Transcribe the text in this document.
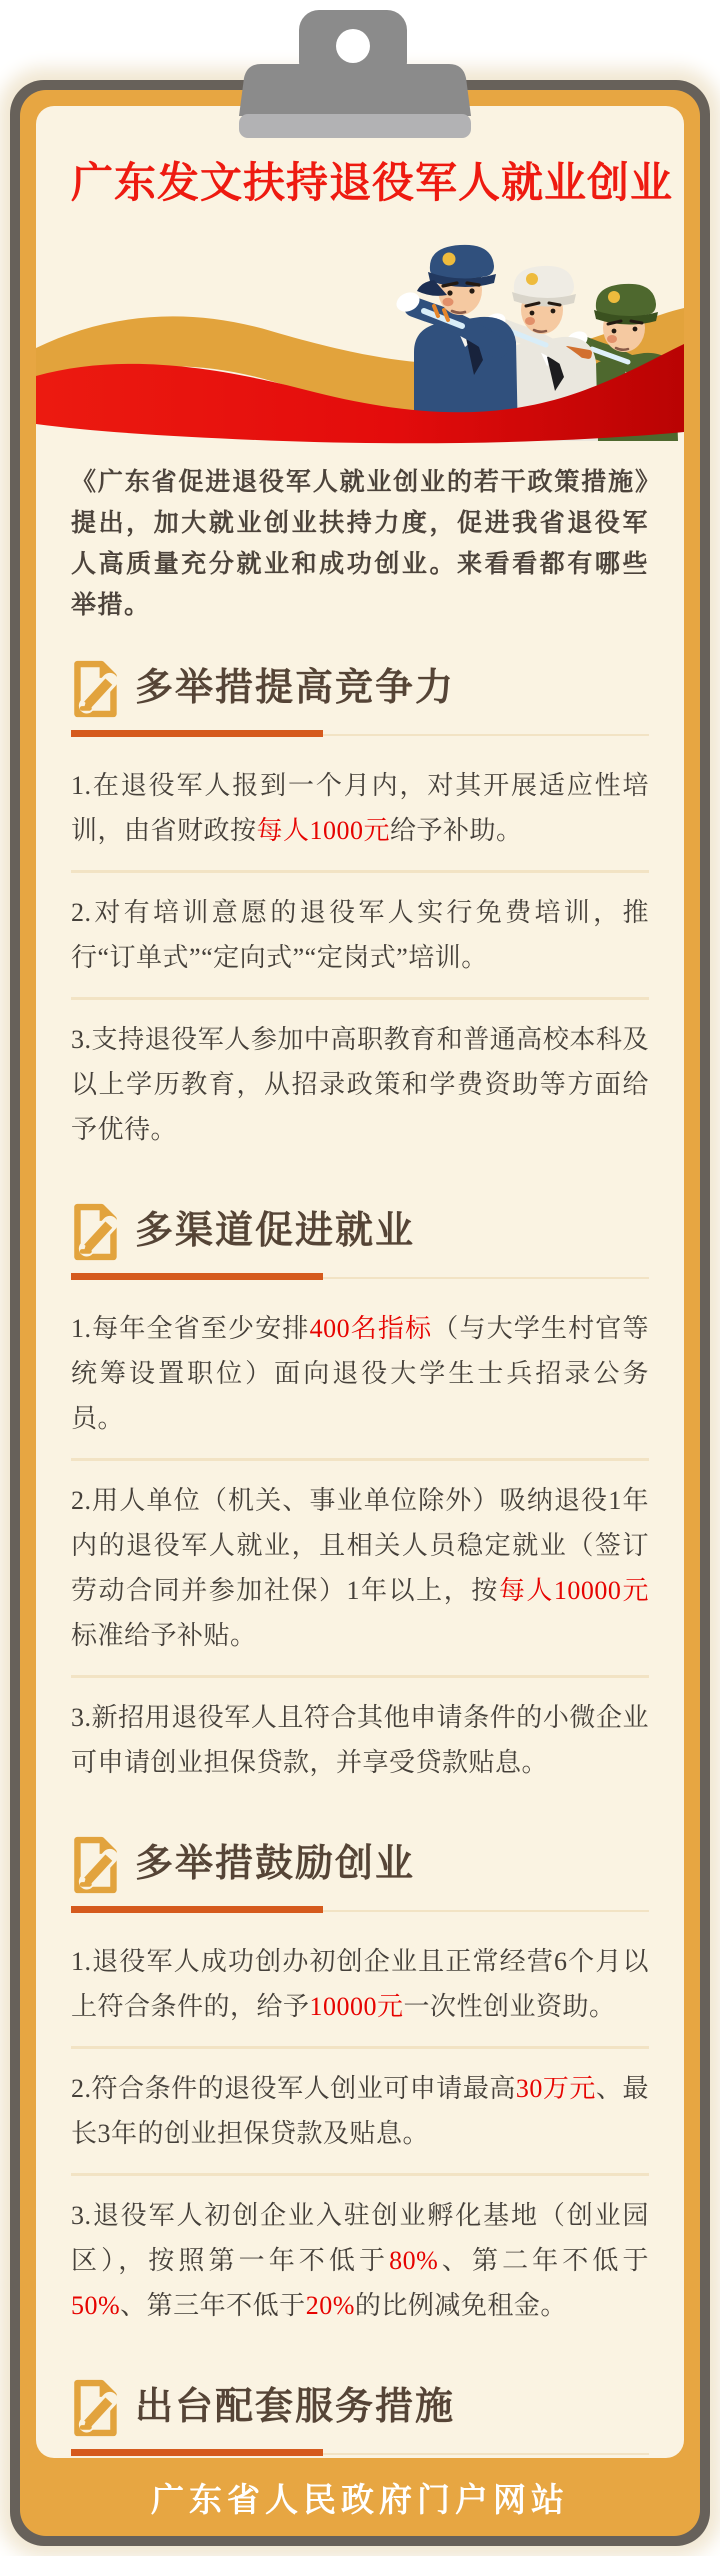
广东发文扶持退役军人就业创业

《广东省促进退役军人就业创业的若干政策措施》提出，加大就业创业扶持力度，促进我省退役军人高质量充分就业和成功创业。来看看都有哪些举措。

多举措提高竞争力

1.在退役军人报到一个月内，对其开展适应性培训，由省财政按每人1000元给予补助。

2.对有培训意愿的退役军人实行免费培训，推行“订单式”“定向式”“定岗式”培训。

3.支持退役军人参加中高职教育和普通高校本科及以上学历教育，从招录政策和学费资助等方面给予优待。

多渠道促进就业

1.每年全省至少安排400名指标（与大学生村官等统筹设置职位）面向退役大学生士兵招录公务员。

2.用人单位（机关、事业单位除外）吸纳退役1年内的退役军人就业，且相关人员稳定就业（签订劳动合同并参加社保）1年以上，按每人10000元标准给予补贴。

3.新招用退役军人且符合其他申请条件的小微企业可申请创业担保贷款，并享受贷款贴息。

多举措鼓励创业

1.退役军人成功创办初创企业且正常经营6个月以上符合条件的，给予10000元一次性创业资助。

2.符合条件的退役军人创业可申请最高30万元、最长3年的创业担保贷款及贴息。

3.退役军人初创企业入驻创业孵化基地（创业园区），按照第一年不低于80%、第二年不低于50%、第三年不低于20%的比例减免租金。

出台配套服务措施

广东省人民政府门户网站
